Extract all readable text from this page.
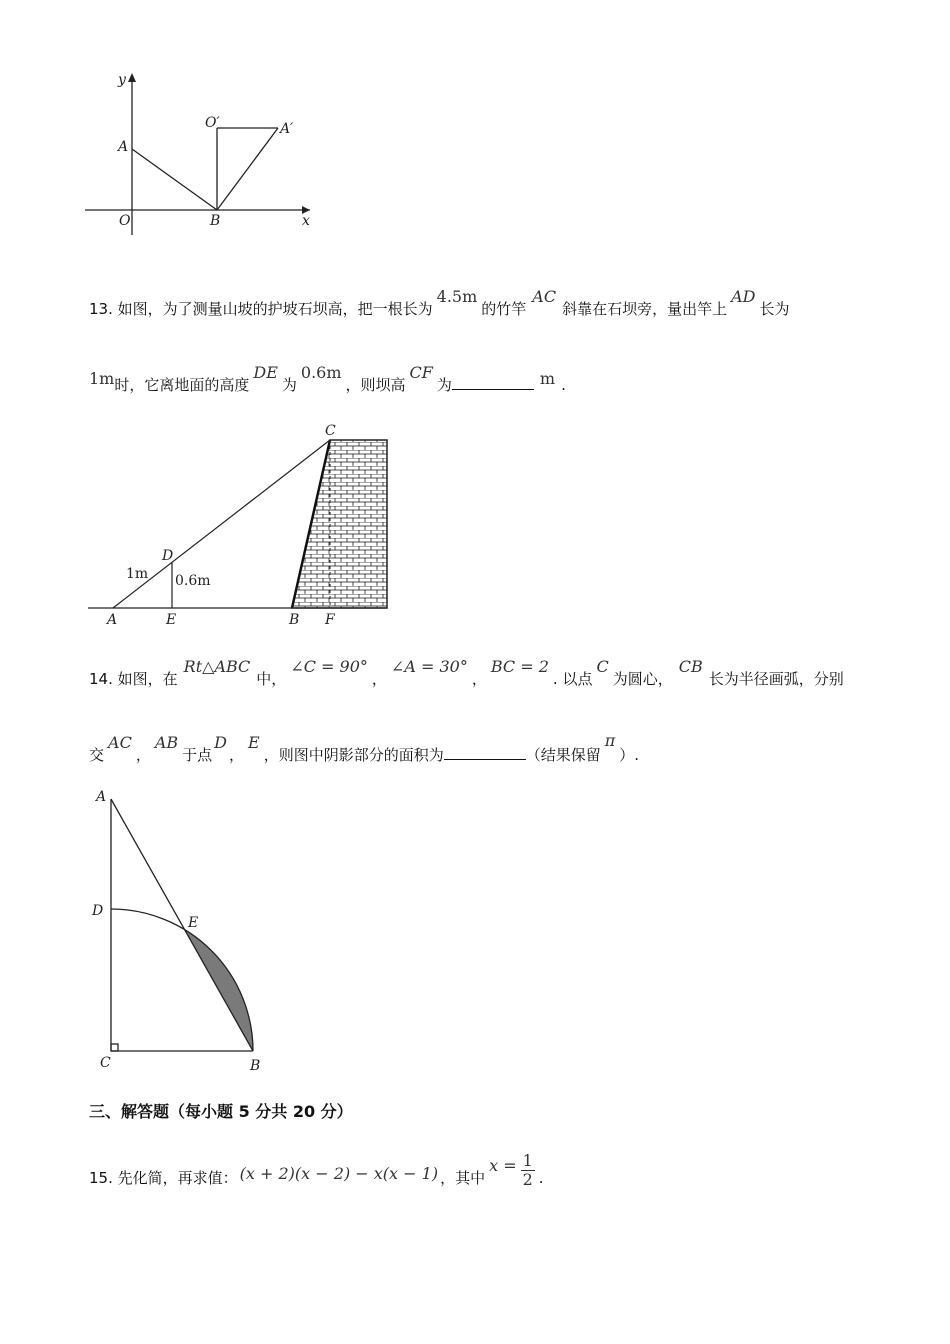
y
x
A
O	B
O′	A′
13. 如图，为了测量山坡的护坡石坝高，把一根长为4.5m的竹竿AC斜靠在石坝旁，量出竿上AD长为
1m时，它离地面的高度DE为0.6m，则坝高CF为	m .
C
D
1m 0.6m
A	E	B F
14. 如图，在Rt△ABC中，∠C = 90°，∠A = 30°，BC = 2. 以点C为圆心，CB长为半径画弧，分别
交AC，AB于点D，E，则图中阴影部分的面积为	（结果保留π）.
A
D
E
C	B
三、解答题（每小题 5 分共 20 分）
15. 先化简，再求值： (x + 2)(x − 2) − x(x − 1) ，其中$x = \frac{1}{2}$ .
